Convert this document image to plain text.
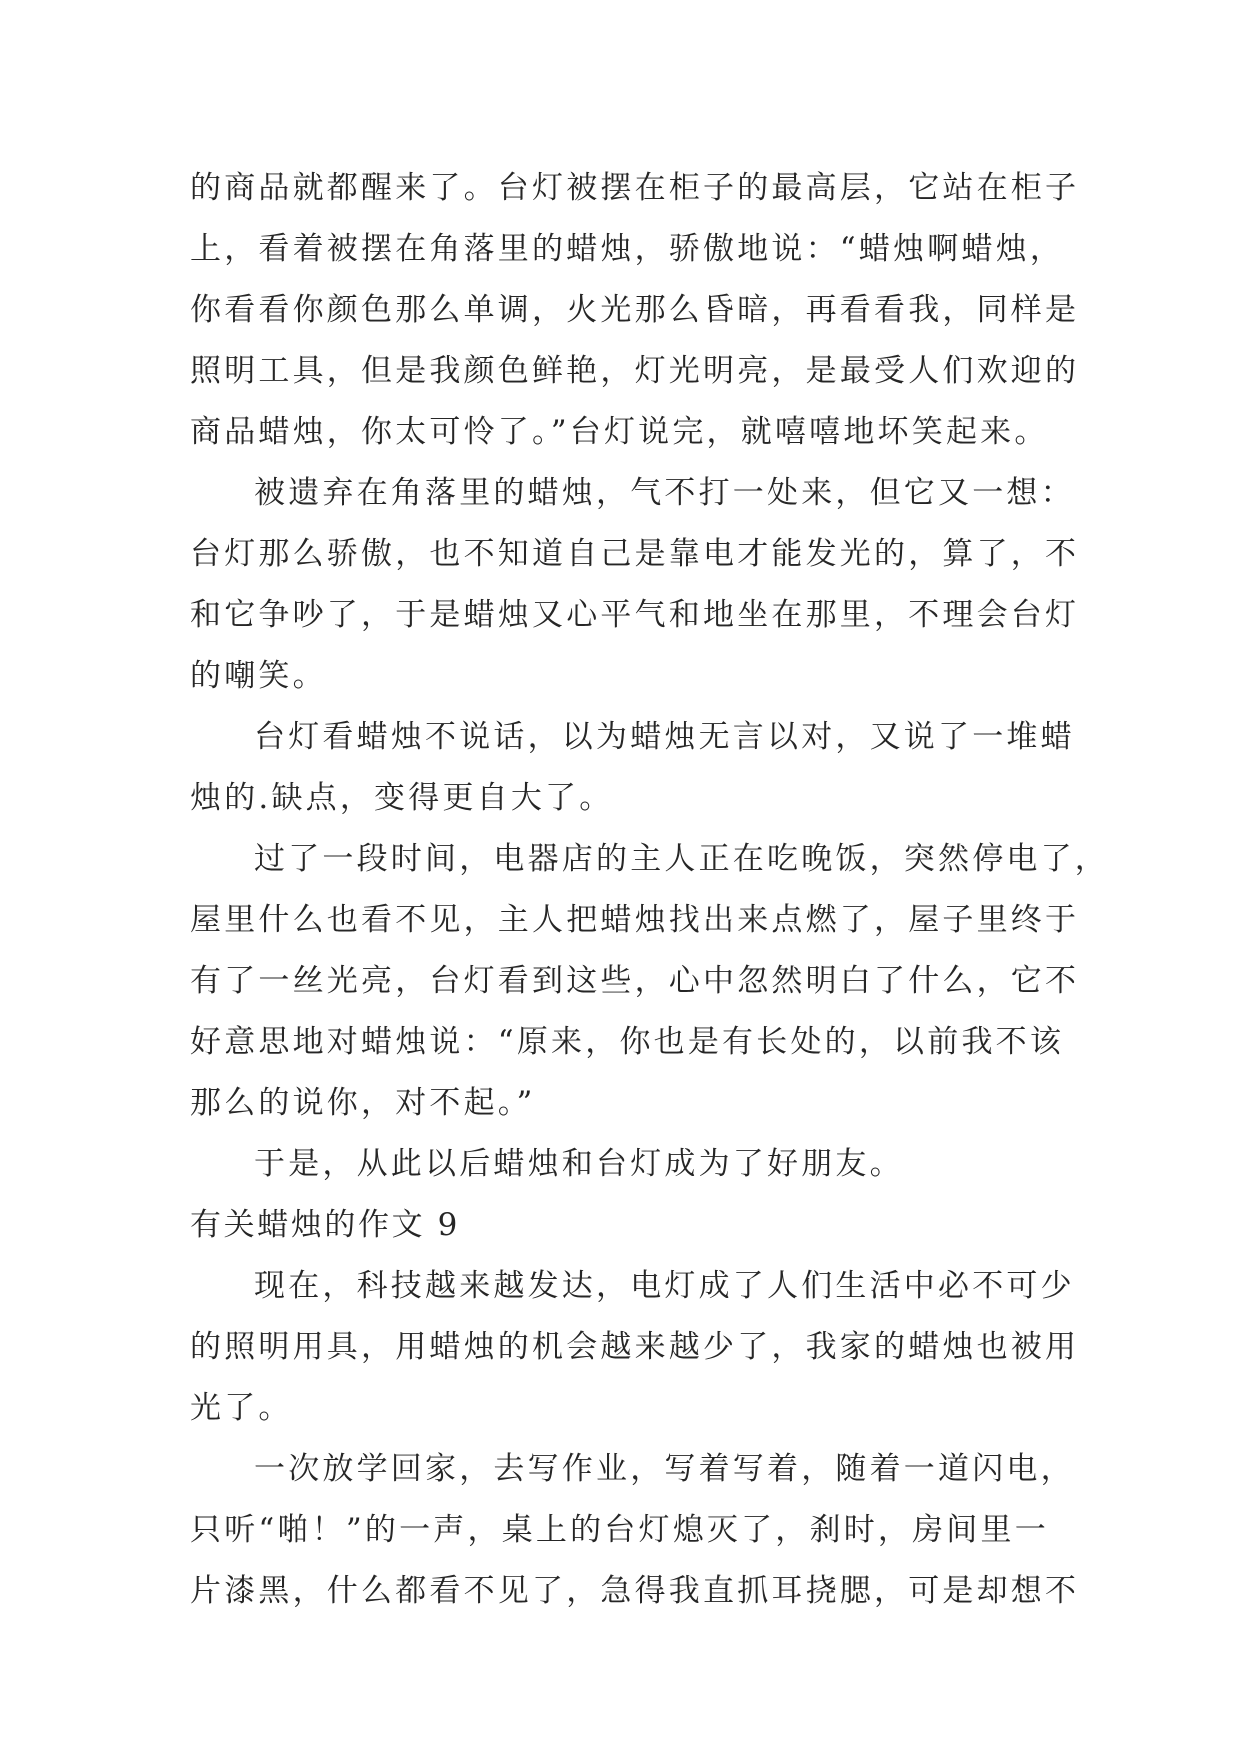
的商品就都醒来了。台灯被摆在柜子的最高层，它站在柜子
上，看着被摆在角落里的蜡烛，骄傲地说：“蜡烛啊蜡烛，
你看看你颜色那么单调，火光那么昏暗，再看看我，同样是
照明工具，但是我颜色鲜艳，灯光明亮，是最受人们欢迎的
商品蜡烛，你太可怜了。”台灯说完，就嘻嘻地坏笑起来。
被遗弃在角落里的蜡烛，气不打一处来，但它又一想：
台灯那么骄傲，也不知道自己是靠电才能发光的，算了，不
和它争吵了，于是蜡烛又心平气和地坐在那里，不理会台灯
的嘲笑。
台灯看蜡烛不说话，以为蜡烛无言以对，又说了一堆蜡
烛的.缺点，变得更自大了。
过了一段时间，电器店的主人正在吃晚饭，突然停电了，
屋里什么也看不见，主人把蜡烛找出来点燃了，屋子里终于
有了一丝光亮，台灯看到这些，心中忽然明白了什么，它不
好意思地对蜡烛说：“原来，你也是有长处的，以前我不该
那么的说你，对不起。”
于是，从此以后蜡烛和台灯成为了好朋友。
有关蜡烛的作文 9
现在，科技越来越发达，电灯成了人们生活中必不可少
的照明用具，用蜡烛的机会越来越少了，我家的蜡烛也被用
光了。
一次放学回家，去写作业，写着写着，随着一道闪电，
只听“啪！”的一声，桌上的台灯熄灭了，刹时，房间里一
片漆黑，什么都看不见了，急得我直抓耳挠腮，可是却想不
